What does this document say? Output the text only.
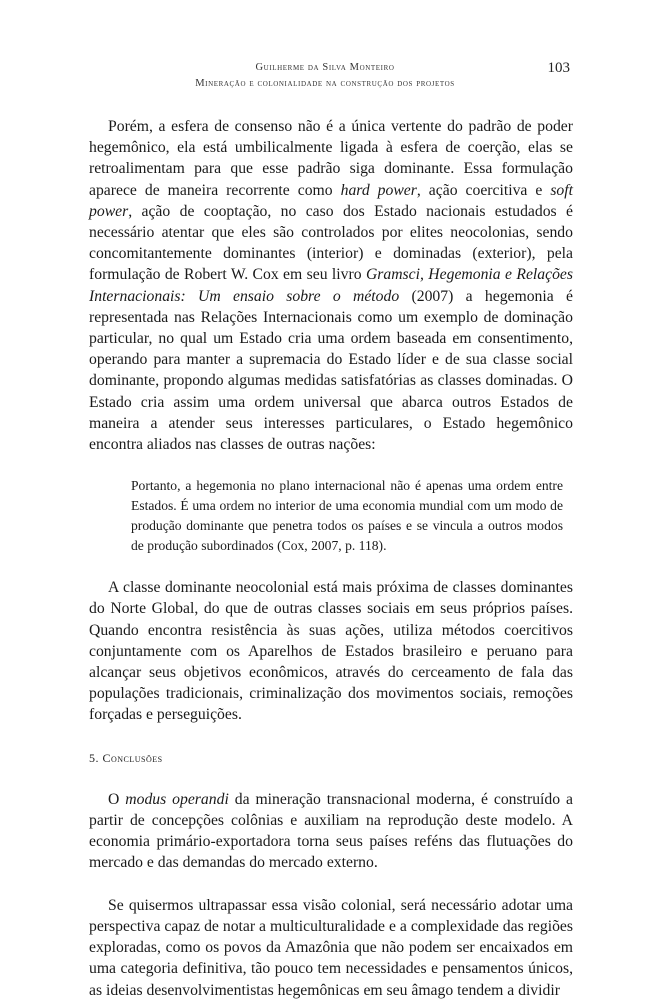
Guilherme da Silva Monteiro
Mineração e colonialidade na construção dos projetos
103

Porém, a esfera de consenso não é a única vertente do padrão de poder hegemônico, ela está umbilicalmente ligada à esfera de coerção, elas se retroalimentam para que esse padrão siga dominante. Essa formulação aparece de maneira recorrente como hard power, ação coercitiva e soft power, ação de cooptação, no caso dos Estado nacionais estudados é necessário atentar que eles são controlados por elites neocolonias, sendo concomitantemente dominantes (interior) e dominadas (exterior), pela formulação de Robert W. Cox em seu livro Gramsci, Hegemonia e Relações Internacionais: Um ensaio sobre o método (2007) a hegemonia é representada nas Relações Internacionais como um exemplo de dominação particular, no qual um Estado cria uma ordem baseada em consentimento, operando para manter a supremacia do Estado líder e de sua classe social dominante, propondo algumas medidas satisfatórias as classes dominadas. O Estado cria assim uma ordem universal que abarca outros Estados de maneira a atender seus interesses particulares, o Estado hegemônico encontra aliados nas classes de outras nações:

Portanto, a hegemonia no plano internacional não é apenas uma ordem entre Estados. É uma ordem no interior de uma economia mundial com um modo de produção dominante que penetra todos os países e se vincula a outros modos de produção subordinados (Cox, 2007, p. 118).

A classe dominante neocolonial está mais próxima de classes dominantes do Norte Global, do que de outras classes sociais em seus próprios países. Quando encontra resistência às suas ações, utiliza métodos coercitivos conjuntamente com os Aparelhos de Estados brasileiro e peruano para alcançar seus objetivos econômicos, através do cerceamento de fala das populações tradicionais, criminalização dos movimentos sociais, remoções forçadas e perseguições.

5. Conclusões

O modus operandi da mineração transnacional moderna, é construído a partir de concepções colônias e auxiliam na reprodução deste modelo. A economia primário-exportadora torna seus países reféns das flutuações do mercado e das demandas do mercado externo.

Se quisermos ultrapassar essa visão colonial, será necessário adotar uma perspectiva capaz de notar a multiculturalidade e a complexidade das regiões exploradas, como os povos da Amazônia que não podem ser encaixados em uma categoria definitiva, tão pouco tem necessidades e pensamentos únicos, as ideias desenvolvimentistas hegemônicas em seu âmago tendem a dividir
